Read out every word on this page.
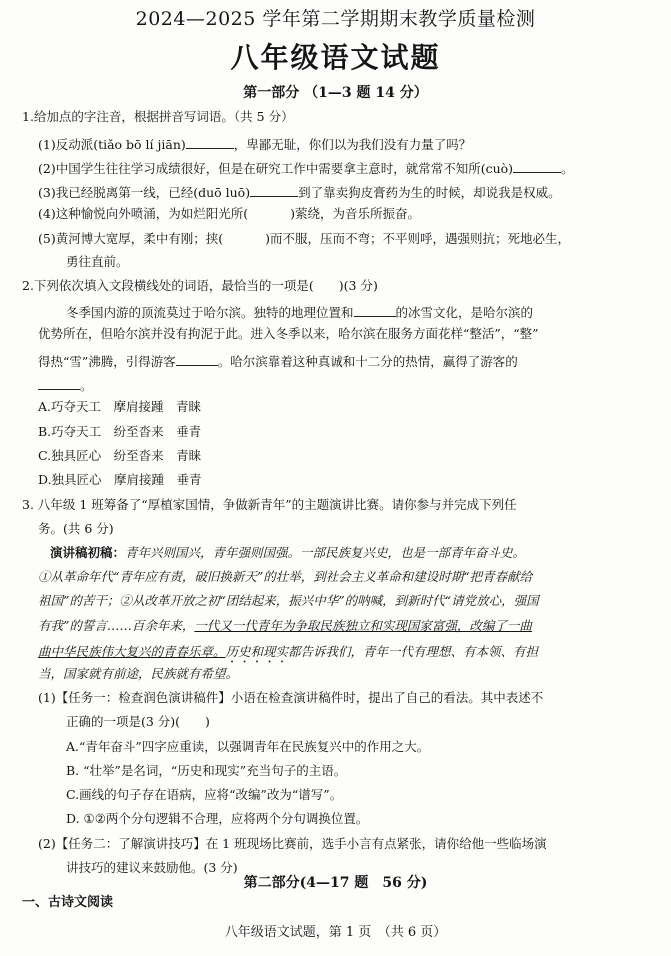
2024—2025 学年第二学期期末教学质量检测
八年级语文试题
第一部分 （1—3 题 14 分）
1.给加点的字注音，根据拼音写词语。（共 5 分）
(1)反动派(tiǎo bō lí jiān)	，卑鄙无耻，你们以为我们没有力量了吗？
(2)中国学生往往学习成绩很好，但是在研究工作中需要拿主意时，就常常不知所(cuò)	。
(3)我已经脱离第一线，已经(duō luō)	到了靠卖狗皮膏药为生的时候，却说我是权威。
(4)这种愉悦向外喷涌，为如烂阳光所(	)萦绕，为音乐所振奋。
(5)黄河博大宽厚，柔中有刚；挟(	)而不服，压而不弯；不平则呼，遇强则抗；死地必生，
勇往直前。
2.下列依次填入文段横线处的词语，最恰当的一项是(　　)(3 分)
冬季国内游的顶流莫过于哈尔滨。独特的地理位置和	的冰雪文化，是哈尔滨的
优势所在，但哈尔滨并没有拘泥于此。进入冬季以来，哈尔滨在服务方面花样“整活”，“整”
得热“雪”沸腾，引得游客	。哈尔滨靠着这种真诚和十二分的热情，赢得了游客的
。
A.巧夺天工　摩肩接踵　青睐
B.巧夺天工　纷至沓来　垂青
C.独具匠心　纷至沓来　青睐
D.独具匠心　摩肩接踵　垂青
3. 八年级 1 班筹备了“厚植家国情，争做新青年”的主题演讲比赛。请你参与并完成下列任
务。(共 6 分)
演讲稿初稿：青年兴则国兴，青年强则国强。一部民族复兴史，也是一部青年奋斗史。
①从革命年代“青年应有责，破旧换新天”的壮举，到社会主义革命和建设时期“把青春献给
祖国”的苦干；②从改革开放之初“团结起来，振兴中华”的呐喊，到新时代“请党放心，强国
有我”的誓言……百余年来，一代又一代青年为争取民族独立和实现国家富强，改编了一曲
曲中华民族伟大复兴的青春乐章。历史和现实都告诉我们，青年一代有理想、有本领、有担
当，国家就有前途，民族就有希望。
(1)【任务一：检查润色演讲稿件】小语在检查演讲稿件时，提出了自己的看法。其中表述不
正确的一项是(3 分)(　　)
A.“青年奋斗”四字应重读，以强调青年在民族复兴中的作用之大。
B. “壮举”是名词，“历史和现实”充当句子的主语。
C.画线的句子存在语病，应将“改编”改为“谱写”。
D. ①②两个分句逻辑不合理，应将两个分句调换位置。
(2)【任务二：了解演讲技巧】在 1 班现场比赛前，选手小言有点紧张，请你给他一些临场演
讲技巧的建议来鼓励他。(3 分)
第二部分(4—17 题　56 分)
一、古诗文阅读
八年级语文试题，第 1 页　（共 6 页）
